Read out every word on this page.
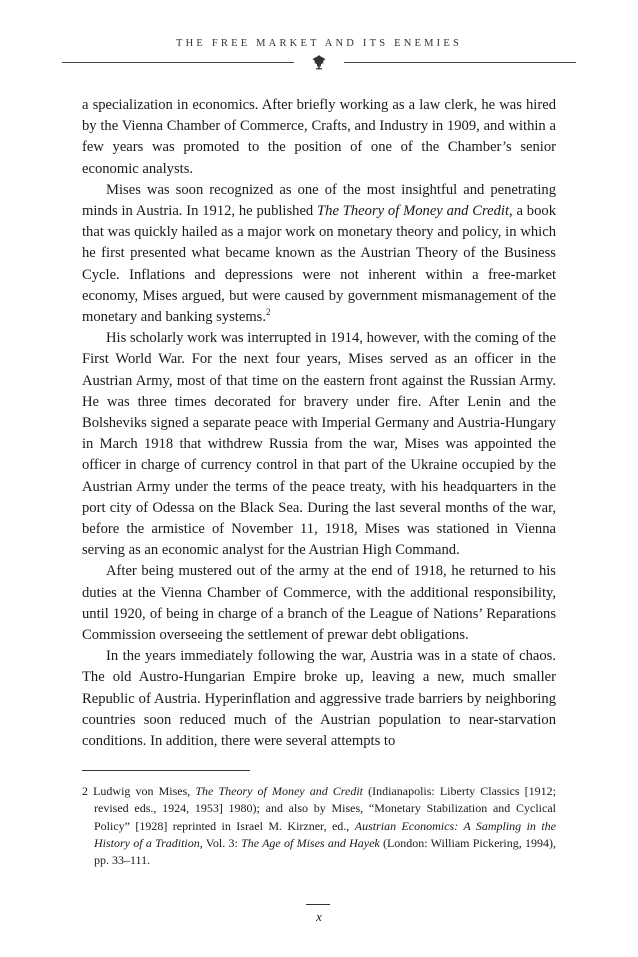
THE FREE MARKET AND ITS ENEMIES

a specialization in economics. After briefly working as a law clerk, he was hired by the Vienna Chamber of Commerce, Crafts, and Industry in 1909, and within a few years was promoted to the position of one of the Chamber’s senior economic analysts.

Mises was soon recognized as one of the most insightful and penetrating minds in Austria. In 1912, he published The Theory of Money and Credit, a book that was quickly hailed as a major work on monetary theory and policy, in which he first presented what became known as the Austrian Theory of the Business Cycle. Inflations and depressions were not inherent within a free-market economy, Mises argued, but were caused by government mismanagement of the monetary and banking systems.$^2$

His scholarly work was interrupted in 1914, however, with the coming of the First World War. For the next four years, Mises served as an officer in the Austrian Army, most of that time on the eastern front against the Russian Army. He was three times decorated for bravery under fire. After Lenin and the Bolsheviks signed a separate peace with Imperial Germany and Austria-Hungary in March 1918 that withdrew Russia from the war, Mises was appointed the officer in charge of currency control in that part of the Ukraine occupied by the Austrian Army under the terms of the peace treaty, with his headquarters in the port city of Odessa on the Black Sea. During the last several months of the war, before the armistice of November 11, 1918, Mises was stationed in Vienna serving as an economic analyst for the Austrian High Command.

After being mustered out of the army at the end of 1918, he returned to his duties at the Vienna Chamber of Commerce, with the additional responsibility, until 1920, of being in charge of a branch of the League of Nations’ Reparations Commission overseeing the settlement of prewar debt obligations.

In the years immediately following the war, Austria was in a state of chaos. The old Austro-Hungarian Empire broke up, leaving a new, much smaller Republic of Austria. Hyperinflation and aggressive trade barriers by neighboring countries soon reduced much of the Austrian population to near-starvation conditions. In addition, there were several attempts to

2 Ludwig von Mises, The Theory of Money and Credit (Indianapolis: Liberty Classics [1912; revised eds., 1924, 1953] 1980); and also by Mises, “Monetary Stabilization and Cyclical Policy” [1928] reprinted in Israel M. Kirzner, ed., Austrian Economics: A Sampling in the History of a Tradition, Vol. 3: The Age of Mises and Hayek (London: William Pickering, 1994), pp. 33–111.

x
